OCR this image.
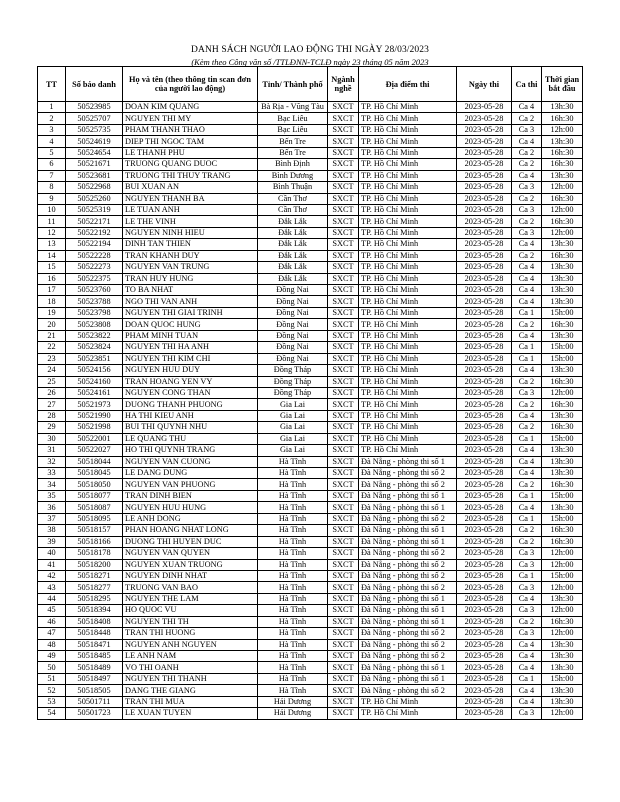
DANH SÁCH NGƯỜI LAO ĐỘNG THI NGÀY 28/03/2023
(Kèm theo Công văn số /TTLĐNN-TCLĐ ngày 23 tháng 05 năm 2023
TT	Số báo danh	Họ và tên (theo thông tin scan đơn của người lao động)	Tỉnh/ Thành phố	Ngành nghề	Địa điểm thi	Ngày thi	Ca thi	Thời gian bắt đầu
1	50523985	DOAN KIM QUANG	Bà Rịa - Vũng Tàu	SXCT	TP. Hồ Chí Minh	2023-05-28	Ca 4	13h:30
2	50525707	NGUYEN THI MY	Bạc Liêu	SXCT	TP. Hồ Chí Minh	2023-05-28	Ca 2	16h:30
3	50525735	PHAM THANH THAO	Bạc Liêu	SXCT	TP. Hồ Chí Minh	2023-05-28	Ca 3	12h:00
4	50524619	DIEP THI NGOC TAM	Bến Tre	SXCT	TP. Hồ Chí Minh	2023-05-28	Ca 4	13h:30
5	50524654	LE THANH PHU	Bến Tre	SXCT	TP. Hồ Chí Minh	2023-05-28	Ca 2	16h:30
6	50521671	TRUONG QUANG DUOC	Bình Định	SXCT	TP. Hồ Chí Minh	2023-05-28	Ca 2	16h:30
7	50523681	TRUONG THI THUY TRANG	Bình Dương	SXCT	TP. Hồ Chí Minh	2023-05-28	Ca 4	13h:30
8	50522968	BUI XUAN AN	Bình Thuận	SXCT	TP. Hồ Chí Minh	2023-05-28	Ca 3	12h:00
9	50525260	NGUYEN THANH BA	Cần Thơ	SXCT	TP. Hồ Chí Minh	2023-05-28	Ca 2	16h:30
10	50525319	LE TUAN ANH	Cần Thơ	SXCT	TP. Hồ Chí Minh	2023-05-28	Ca 3	12h:00
11	50522171	LE THE VINH	Đắk Lắk	SXCT	TP. Hồ Chí Minh	2023-05-28	Ca 2	16h:30
12	50522192	NGUYEN NINH HIEU	Đắk Lắk	SXCT	TP. Hồ Chí Minh	2023-05-28	Ca 3	12h:00
13	50522194	DINH TAN THIEN	Đắk Lắk	SXCT	TP. Hồ Chí Minh	2023-05-28	Ca 4	13h:30
14	50522228	TRAN KHANH DUY	Đắk Lắk	SXCT	TP. Hồ Chí Minh	2023-05-28	Ca 2	16h:30
15	50522273	NGUYEN VAN TRUNG	Đắk Lắk	SXCT	TP. Hồ Chí Minh	2023-05-28	Ca 4	13h:30
16	50522375	TRAN HUY HUNG	Đắk Lắk	SXCT	TP. Hồ Chí Minh	2023-05-28	Ca 4	13h:30
17	50523760	TO BA NHAT	Đồng Nai	SXCT	TP. Hồ Chí Minh	2023-05-28	Ca 4	13h:30
18	50523788	NGO THI VAN ANH	Đồng Nai	SXCT	TP. Hồ Chí Minh	2023-05-28	Ca 4	13h:30
19	50523798	NGUYEN THI GIAI TRINH	Đồng Nai	SXCT	TP. Hồ Chí Minh	2023-05-28	Ca 1	15h:00
20	50523808	DOAN QUOC HUNG	Đồng Nai	SXCT	TP. Hồ Chí Minh	2023-05-28	Ca 2	16h:30
21	50523822	PHAM MINH TUAN	Đồng Nai	SXCT	TP. Hồ Chí Minh	2023-05-28	Ca 4	13h:30
22	50523824	NGUYEN THI HA ANH	Đồng Nai	SXCT	TP. Hồ Chí Minh	2023-05-28	Ca 1	15h:00
23	50523851	NGUYEN THI KIM CHI	Đồng Nai	SXCT	TP. Hồ Chí Minh	2023-05-28	Ca 1	15h:00
24	50524156	NGUYEN HUU DUY	Đồng Tháp	SXCT	TP. Hồ Chí Minh	2023-05-28	Ca 4	13h:30
25	50524160	TRAN HOANG YEN VY	Đồng Tháp	SXCT	TP. Hồ Chí Minh	2023-05-28	Ca 2	16h:30
26	50524161	NGUYEN CONG THAN	Đồng Tháp	SXCT	TP. Hồ Chí Minh	2023-05-28	Ca 3	12h:00
27	50521973	DUONG THANH PHUONG	Gia Lai	SXCT	TP. Hồ Chí Minh	2023-05-28	Ca 2	16h:30
28	50521990	HA THI KIEU ANH	Gia Lai	SXCT	TP. Hồ Chí Minh	2023-05-28	Ca 4	13h:30
29	50521998	BUI THI QUYNH NHU	Gia Lai	SXCT	TP. Hồ Chí Minh	2023-05-28	Ca 2	16h:30
30	50522001	LE QUANG THU	Gia Lai	SXCT	TP. Hồ Chí Minh	2023-05-28	Ca 1	15h:00
31	50522027	HO THI QUYNH TRANG	Gia Lai	SXCT	TP. Hồ Chí Minh	2023-05-28	Ca 4	13h:30
32	50518044	NGUYEN VAN CUONG	Hà Tĩnh	SXCT	Đà Nẵng - phòng thi số 1	2023-05-28	Ca 4	13h:30
33	50518045	LE DANG DUNG	Hà Tĩnh	SXCT	Đà Nẵng - phòng thi số 2	2023-05-28	Ca 4	13h:30
34	50518050	NGUYEN VAN PHUONG	Hà Tĩnh	SXCT	Đà Nẵng - phòng thi số 2	2023-05-28	Ca 2	16h:30
35	50518077	TRAN DINH BIEN	Hà Tĩnh	SXCT	Đà Nẵng - phòng thi số 1	2023-05-28	Ca 1	15h:00
36	50518087	NGUYEN HUU HUNG	Hà Tĩnh	SXCT	Đà Nẵng - phòng thi số 1	2023-05-28	Ca 4	13h:30
37	50518095	LE ANH DONG	Hà Tĩnh	SXCT	Đà Nẵng - phòng thi số 2	2023-05-28	Ca 1	15h:00
38	50518157	PHAN HOANG NHAT LONG	Hà Tĩnh	SXCT	Đà Nẵng - phòng thi số 1	2023-05-28	Ca 2	16h:30
39	50518166	DUONG THI HUYEN DUC	Hà Tĩnh	SXCT	Đà Nẵng - phòng thi số 1	2023-05-28	Ca 2	16h:30
40	50518178	NGUYEN VAN QUYEN	Hà Tĩnh	SXCT	Đà Nẵng - phòng thi số 2	2023-05-28	Ca 3	12h:00
41	50518200	NGUYEN XUAN TRUONG	Hà Tĩnh	SXCT	Đà Nẵng - phòng thi số 2	2023-05-28	Ca 3	12h:00
42	50518271	NGUYEN DINH NHAT	Hà Tĩnh	SXCT	Đà Nẵng - phòng thi số 2	2023-05-28	Ca 1	15h:00
43	50518277	TRUONG VAN BAO	Hà Tĩnh	SXCT	Đà Nẵng - phòng thi số 2	2023-05-28	Ca 3	12h:00
44	50518295	NGUYEN THE LAM	Hà Tĩnh	SXCT	Đà Nẵng - phòng thi số 1	2023-05-28	Ca 4	13h:30
45	50518394	HO QUOC VU	Hà Tĩnh	SXCT	Đà Nẵng - phòng thi số 1	2023-05-28	Ca 3	12h:00
46	50518408	NGUYEN THI TH	Hà Tĩnh	SXCT	Đà Nẵng - phòng thi số 1	2023-05-28	Ca 2	16h:30
47	50518448	TRAN THI HUONG	Hà Tĩnh	SXCT	Đà Nẵng - phòng thi số 2	2023-05-28	Ca 3	12h:00
48	50518471	NGUYEN ANH NGUYEN	Hà Tĩnh	SXCT	Đà Nẵng - phòng thi số 2	2023-05-28	Ca 4	13h:30
49	50518485	LE ANH NAM	Hà Tĩnh	SXCT	Đà Nẵng - phòng thi số 2	2023-05-28	Ca 4	13h:30
50	50518489	VO THI OANH	Hà Tĩnh	SXCT	Đà Nẵng - phòng thi số 1	2023-05-28	Ca 4	13h:30
51	50518497	NGUYEN THI THANH	Hà Tĩnh	SXCT	Đà Nẵng - phòng thi số 1	2023-05-28	Ca 1	15h:00
52	50518505	DANG THE GIANG	Hà Tĩnh	SXCT	Đà Nẵng - phòng thi số 2	2023-05-28	Ca 4	13h:30
53	50501711	TRAN THI MUA	Hải Dương	SXCT	TP. Hồ Chí Minh	2023-05-28	Ca 4	13h:30
54	50501723	LE XUAN TUYEN	Hải Dương	SXCT	TP. Hồ Chí Minh	2023-05-28	Ca 3	12h:00
